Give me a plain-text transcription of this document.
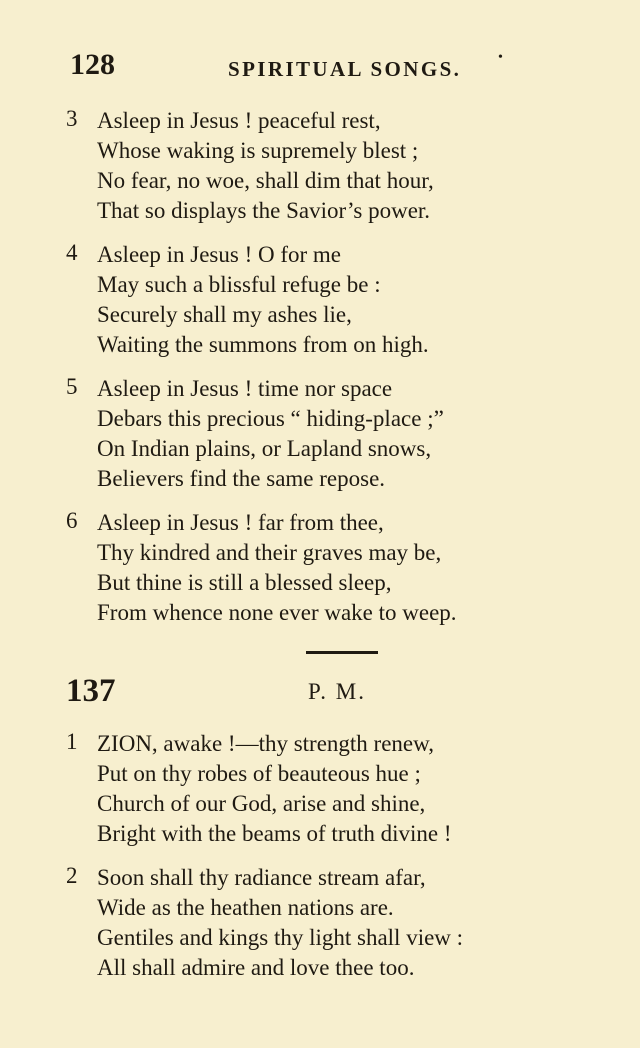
128	SPIRITUAL SONGS.	•
3 Asleep in Jesus ! peaceful rest,
Whose waking is supremely blest ;
No fear, no woe, shall dim that hour,
That so displays the Savior’s power.
4 Asleep in Jesus ! O for me
May such a blissful refuge be :
Securely shall my ashes lie,
Waiting the summons from on high.
5 Asleep in Jesus ! time nor space
Debars this precious “ hiding-place ;”
On Indian plains, or Lapland snows,
Believers find the same repose.
6 Asleep in Jesus ! far from thee,
Thy kindred and their graves may be,
But thine is still a blessed sleep,
From whence none ever wake to weep.
137	P. M.
1 ZION, awake !—thy strength renew,
Put on thy robes of beauteous hue ;
Church of our God, arise and shine,
Bright with the beams of truth divine !
2 Soon shall thy radiance stream afar,
Wide as the heathen nations are.
Gentiles and kings thy light shall view :
All shall admire and love thee too.
